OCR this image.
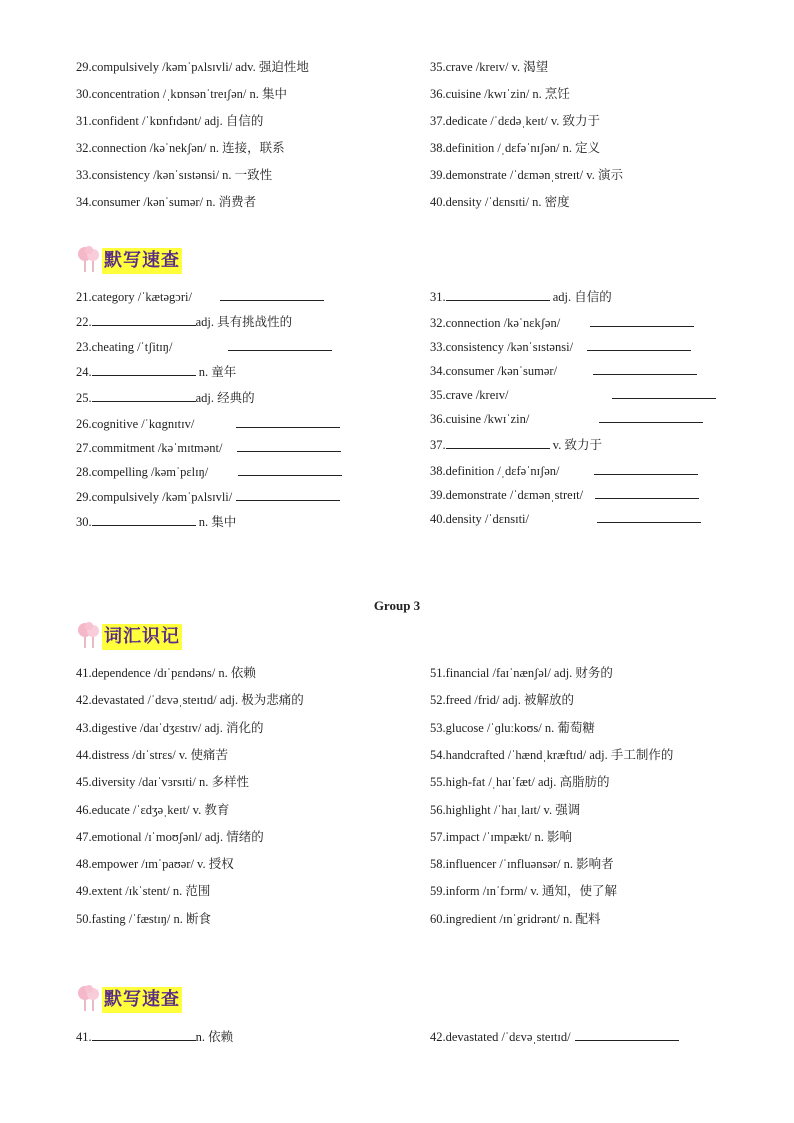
29.compulsively /kəmˈpʌlsɪvli/ adv. 强迫性地
30.concentration /ˌkɒnsənˈtreɪʃən/ n. 集中
31.confident /ˈkɒnfɪdənt/ adj. 自信的
32.connection /kəˈnekʃən/ n. 连接，联系
33.consistency /kənˈsɪstənsi/ n. 一致性
34.consumer /kənˈsumər/ n. 消费者
35.crave /kreɪv/ v. 渴望
36.cuisine /kwɪˈzin/ n. 烹饪
37.dedicate /ˈdɛdəˌkeɪt/ v. 致力于
38.definition /ˌdɛfəˈnɪʃən/ n. 定义
39.demonstrate /ˈdɛmənˌstreɪt/ v. 演示
40.density /ˈdɛnsɪti/ n. 密度
默写速查
21.category /ˈkætəgɔri/
22.	adj. 具有挑战性的
23.cheating /ˈtʃitɪŋ/
24.	n. 童年
25.	adj. 经典的
26.cognitive /ˈkɑgnɪtɪv/
27.commitment /kəˈmɪtmənt/
28.compelling /kəmˈpɛlɪŋ/
29.compulsively /kəmˈpʌlsɪvli/
30.	n. 集中
31.	adj. 自信的
32.connection /kəˈnɛkʃən/
33.consistency /kənˈsɪstənsi/
34.consumer /kənˈsumər/
35.crave /kreɪv/
36.cuisine /kwɪˈzin/
37.	v. 致力于
38.definition /ˌdɛfəˈnɪʃən/
39.demonstrate /ˈdɛmənˌstreɪt/
40.density /ˈdɛnsɪti/
Group 3
词汇识记
41.dependence /dɪˈpɛndəns/ n. 依赖
42.devastated /ˈdɛvəˌsteɪtɪd/ adj. 极为悲痛的
43.digestive /daɪˈdʒɛstɪv/ adj. 消化的
44.distress /dɪˈstrɛs/ v. 使痛苦
45.diversity /daɪˈvɜrsɪti/ n. 多样性
46.educate /ˈɛdʒəˌkeɪt/ v. 教育
47.emotional /ɪˈmoʊʃənl/ adj. 情绪的
48.empower /ɪmˈpaʊər/ v. 授权
49.extent /ɪkˈstent/ n. 范围
50.fasting /ˈfæstɪŋ/ n. 断食
51.financial /faɪˈnænʃəl/ adj. 财务的
52.freed /frid/ adj. 被解放的
53.glucose /ˈɡluːkoʊs/ n. 葡萄糖
54.handcrafted /ˈhændˌkræftɪd/ adj. 手工制作的
55.high-fat /ˌhaɪˈfæt/ adj. 高脂肪的
56.highlight /ˈhaɪˌlaɪt/ v. 强调
57.impact /ˈɪmpækt/ n. 影响
58.influencer /ˈɪnfluənsər/ n. 影响者
59.inform /ɪnˈfɔrm/ v. 通知，使了解
60.ingredient /ɪnˈgridrənt/ n. 配料
默写速查
41.	n. 依赖	42.devastated /ˈdɛvəˌsteɪtɪd/
